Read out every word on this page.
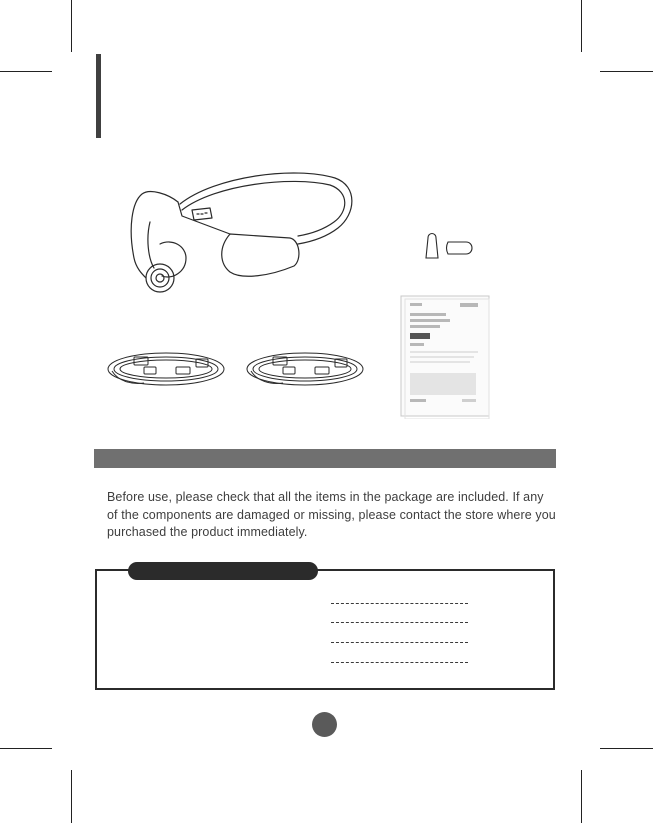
Before use, please check that all the items in the package are included. If any of the components are damaged or missing, please contact the store where you purchased the product immediately.
